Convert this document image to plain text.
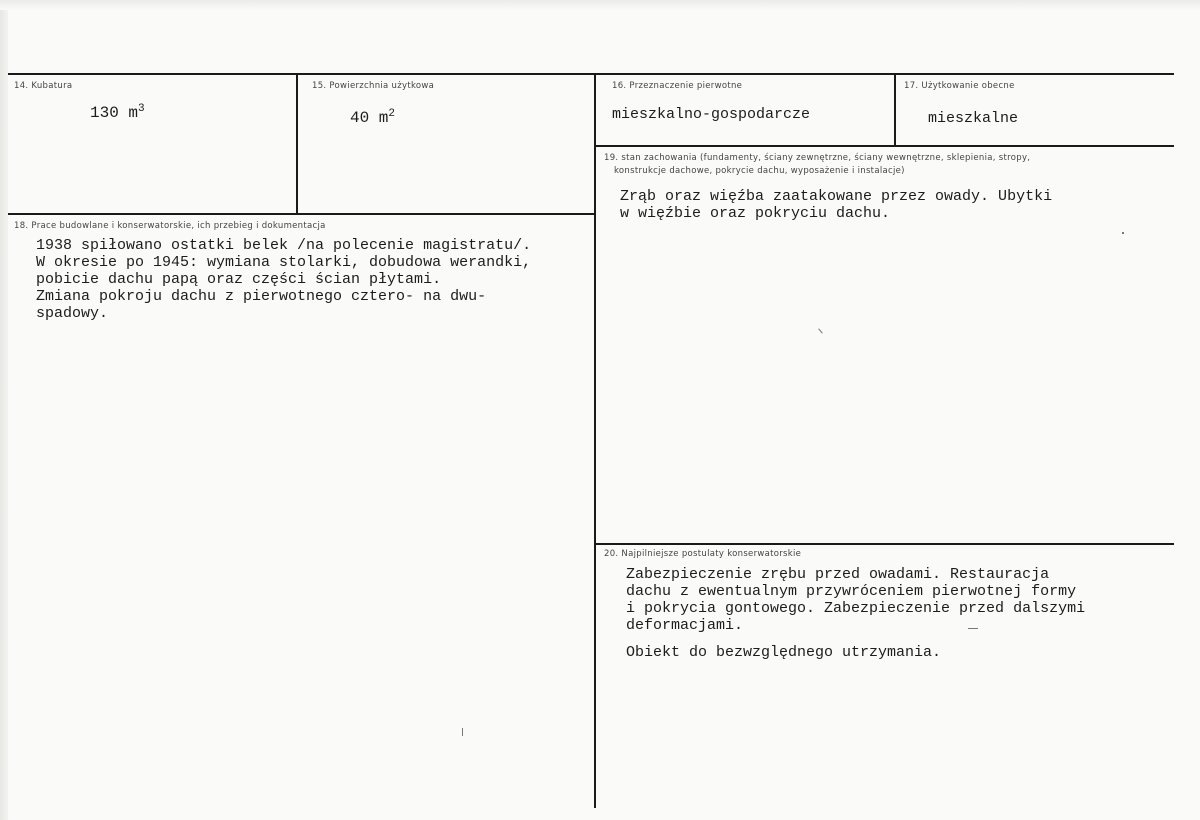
14. Kubatura
130 $m^3$
15. Powierzchnia użytkowa
40 $m^2$
16. Przeznaczenie pierwotne
mieszkalno-gospodarcze
17. Użytkowanie obecne
mieszkalne
18. Prace budowlane i konserwatorskie, ich przebieg i dokumentacja
1938 spiłowano ostatki belek /na polecenie magistratu/.
W okresie po 1945: wymiana stolarki, dobudowa werandki,
pobicie dachu papą oraz części ścian płytami.
Zmiana pokroju dachu z pierwotnego cztero- na dwu-
spadowy.
19. stan zachowania (fundamenty, ściany zewnętrzne, ściany wewnętrzne, sklepienia, stropy,
konstrukcje dachowe, pokrycie dachu, wyposażenie i instalacje)
Zrąb oraz więźba zaatakowane przez owady. Ubytki
w więźbie oraz pokryciu dachu.
20. Najpilniejsze postulaty konserwatorskie
Zabezpieczenie zrębu przed owadami. Restauracja
dachu z ewentualnym przywróceniem pierwotnej formy
i pokrycia gontowego. Zabezpieczenie przed dalszymi
deformacjami.
Obiekt do bezwzględnego utrzymania.
